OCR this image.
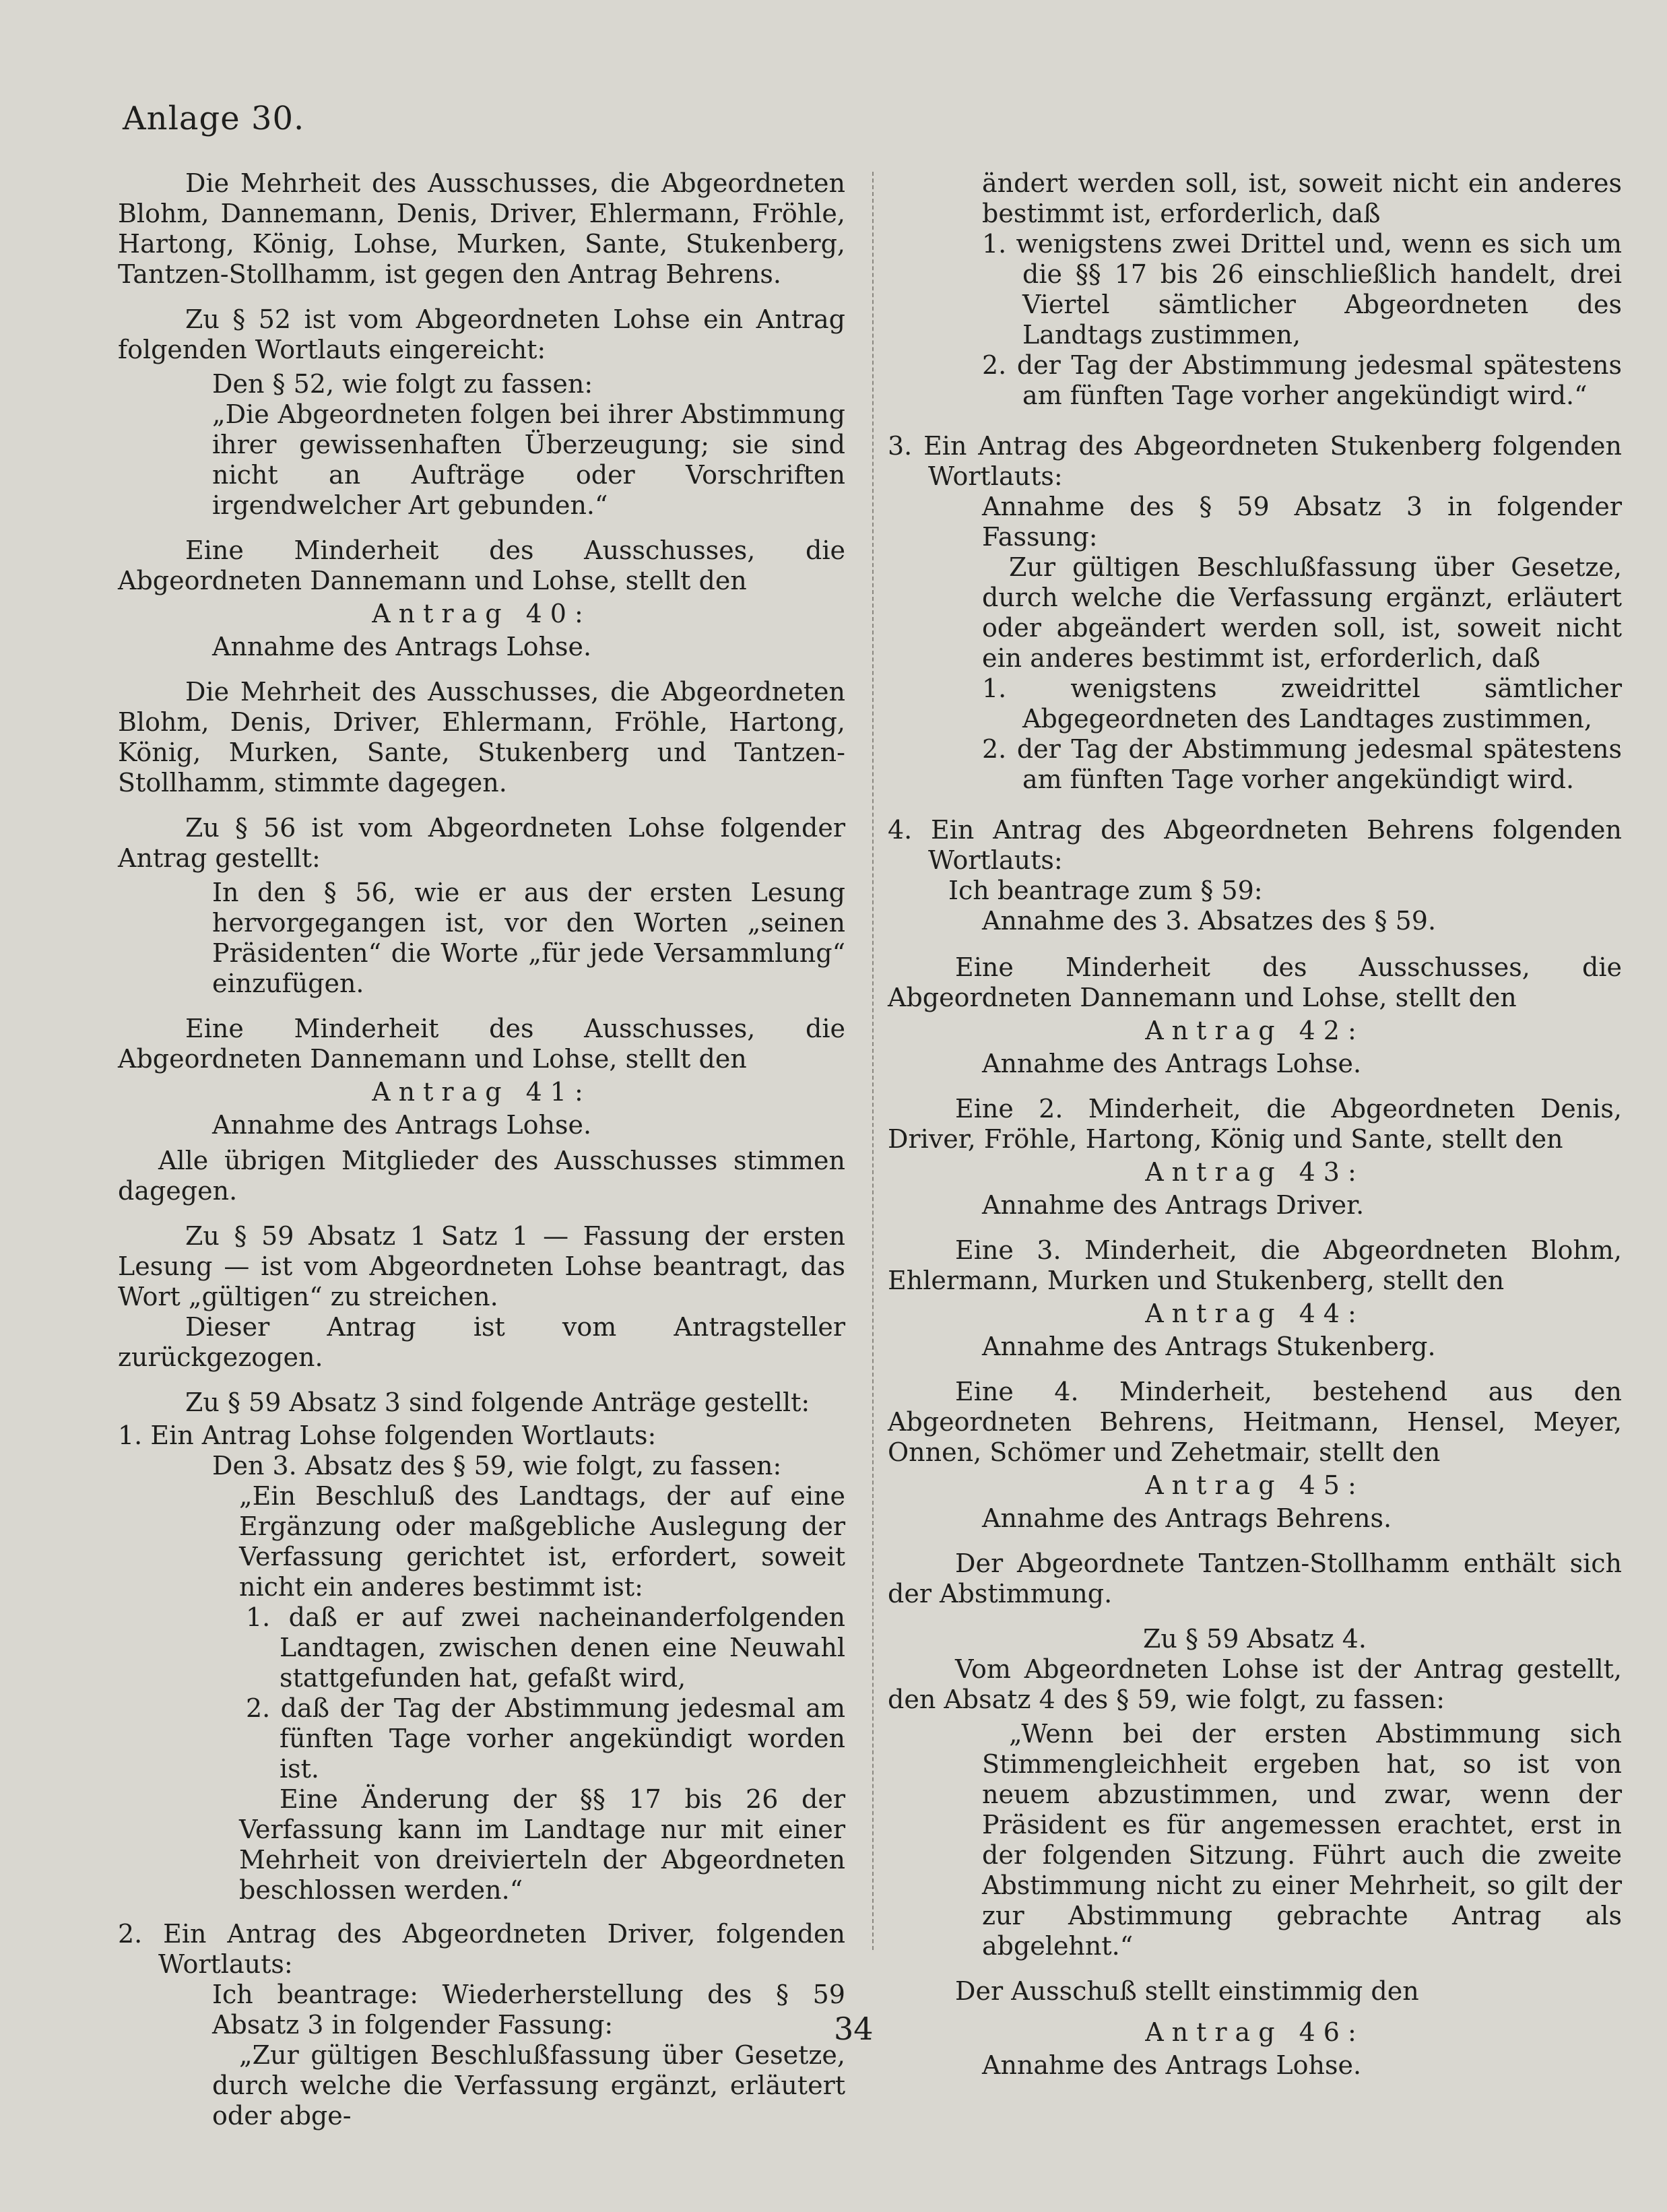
Anlage 30.

Die Mehrheit des Ausschusses, die Abgeordneten Blohm, Dannemann, Denis, Driver, Ehlermann, Fröhle, Hartong, König, Lohse, Murken, Sante, Stukenberg, Tantzen-Stollhamm, ist gegen den Antrag Behrens.

Zu § 52 ist vom Abgeordneten Lohse ein Antrag folgenden Wortlauts eingereicht:

Den § 52, wie folgt zu fassen:

„Die Abgeordneten folgen bei ihrer Abstimmung ihrer gewissenhaften Überzeugung; sie sind nicht an Aufträge oder Vorschriften irgendwelcher Art gebunden.“

Eine Minderheit des Ausschusses, die Abgeordneten Dannemann und Lohse, stellt den

Antrag 40:

Annahme des Antrags Lohse.

Die Mehrheit des Ausschusses, die Abgeordneten Blohm, Denis, Driver, Ehlermann, Fröhle, Hartong, König, Murken, Sante, Stukenberg und Tantzen-Stollhamm, stimmte dagegen.

Zu § 56 ist vom Abgeordneten Lohse folgender Antrag gestellt:

In den § 56, wie er aus der ersten Lesung hervorgegangen ist, vor den Worten „seinen Präsidenten“ die Worte „für jede Versammlung“ einzufügen.

Eine Minderheit des Ausschusses, die Abgeordneten Dannemann und Lohse, stellt den

Antrag 41:

Annahme des Antrags Lohse.

Alle übrigen Mitglieder des Ausschusses stimmen dagegen.

Zu § 59 Absatz 1 Satz 1 — Fassung der ersten Lesung — ist vom Abgeordneten Lohse beantragt, das Wort „gültigen“ zu streichen.

Dieser Antrag ist vom Antragsteller zurückgezogen.

Zu § 59 Absatz 3 sind folgende Anträge gestellt:

1. Ein Antrag Lohse folgenden Wortlauts:

Den 3. Absatz des § 59, wie folgt, zu fassen:

„Ein Beschluß des Landtags, der auf eine Ergänzung oder maßgebliche Auslegung der Verfassung gerichtet ist, erfordert, soweit nicht ein anderes bestimmt ist:

1. daß er auf zwei nacheinanderfolgenden Landtagen, zwischen denen eine Neuwahl stattgefunden hat, gefaßt wird,

2. daß der Tag der Abstimmung jedesmal am fünften Tage vorher angekündigt worden ist.

Eine Änderung der §§ 17 bis 26 der Verfassung kann im Landtage nur mit einer Mehrheit von dreivierteln der Abgeordneten beschlossen werden.“

2. Ein Antrag des Abgeordneten Driver, folgenden Wortlauts:

Ich beantrage: Wiederherstellung des § 59 Absatz 3 in folgender Fassung:

„Zur gültigen Beschlußfassung über Gesetze, durch welche die Verfassung ergänzt, erläutert oder abge-

ändert werden soll, ist, soweit nicht ein anderes bestimmt ist, erforderlich, daß

1. wenigstens zwei Drittel und, wenn es sich um die §§ 17 bis 26 einschließlich handelt, drei Viertel sämtlicher Abgeordneten des Landtags zustimmen,

2. der Tag der Abstimmung jedesmal spätestens am fünften Tage vorher angekündigt wird.“

3. Ein Antrag des Abgeordneten Stukenberg folgenden Wortlauts:

Annahme des § 59 Absatz 3 in folgender Fassung:

Zur gültigen Beschlußfassung über Gesetze, durch welche die Verfassung ergänzt, erläutert oder abgeändert werden soll, ist, soweit nicht ein anderes bestimmt ist, erforderlich, daß

1. wenigstens zweidrittel sämtlicher Abgegeordneten des Landtages zustimmen,

2. der Tag der Abstimmung jedesmal spätestens am fünften Tage vorher angekündigt wird.

4. Ein Antrag des Abgeordneten Behrens folgenden Wortlauts:

Ich beantrage zum § 59:

Annahme des 3. Absatzes des § 59.

Eine Minderheit des Ausschusses, die Abgeordneten Dannemann und Lohse, stellt den

Antrag 42:

Annahme des Antrags Lohse.

Eine 2. Minderheit, die Abgeordneten Denis, Driver, Fröhle, Hartong, König und Sante, stellt den

Antrag 43:

Annahme des Antrags Driver.

Eine 3. Minderheit, die Abgeordneten Blohm, Ehlermann, Murken und Stukenberg, stellt den

Antrag 44:

Annahme des Antrags Stukenberg.

Eine 4. Minderheit, bestehend aus den Abgeordneten Behrens, Heitmann, Hensel, Meyer, Onnen, Schömer und Zehetmair, stellt den

Antrag 45:

Annahme des Antrags Behrens.

Der Abgeordnete Tantzen-Stollhamm enthält sich der Abstimmung.

Zu § 59 Absatz 4.

Vom Abgeordneten Lohse ist der Antrag gestellt, den Absatz 4 des § 59, wie folgt, zu fassen:

„Wenn bei der ersten Abstimmung sich Stimmengleichheit ergeben hat, so ist von neuem abzustimmen, und zwar, wenn der Präsident es für angemessen erachtet, erst in der folgenden Sitzung. Führt auch die zweite Abstimmung nicht zu einer Mehrheit, so gilt der zur Abstimmung gebrachte Antrag als abgelehnt.“

Der Ausschuß stellt einstimmig den

Antrag 46:

Annahme des Antrags Lohse.

34
